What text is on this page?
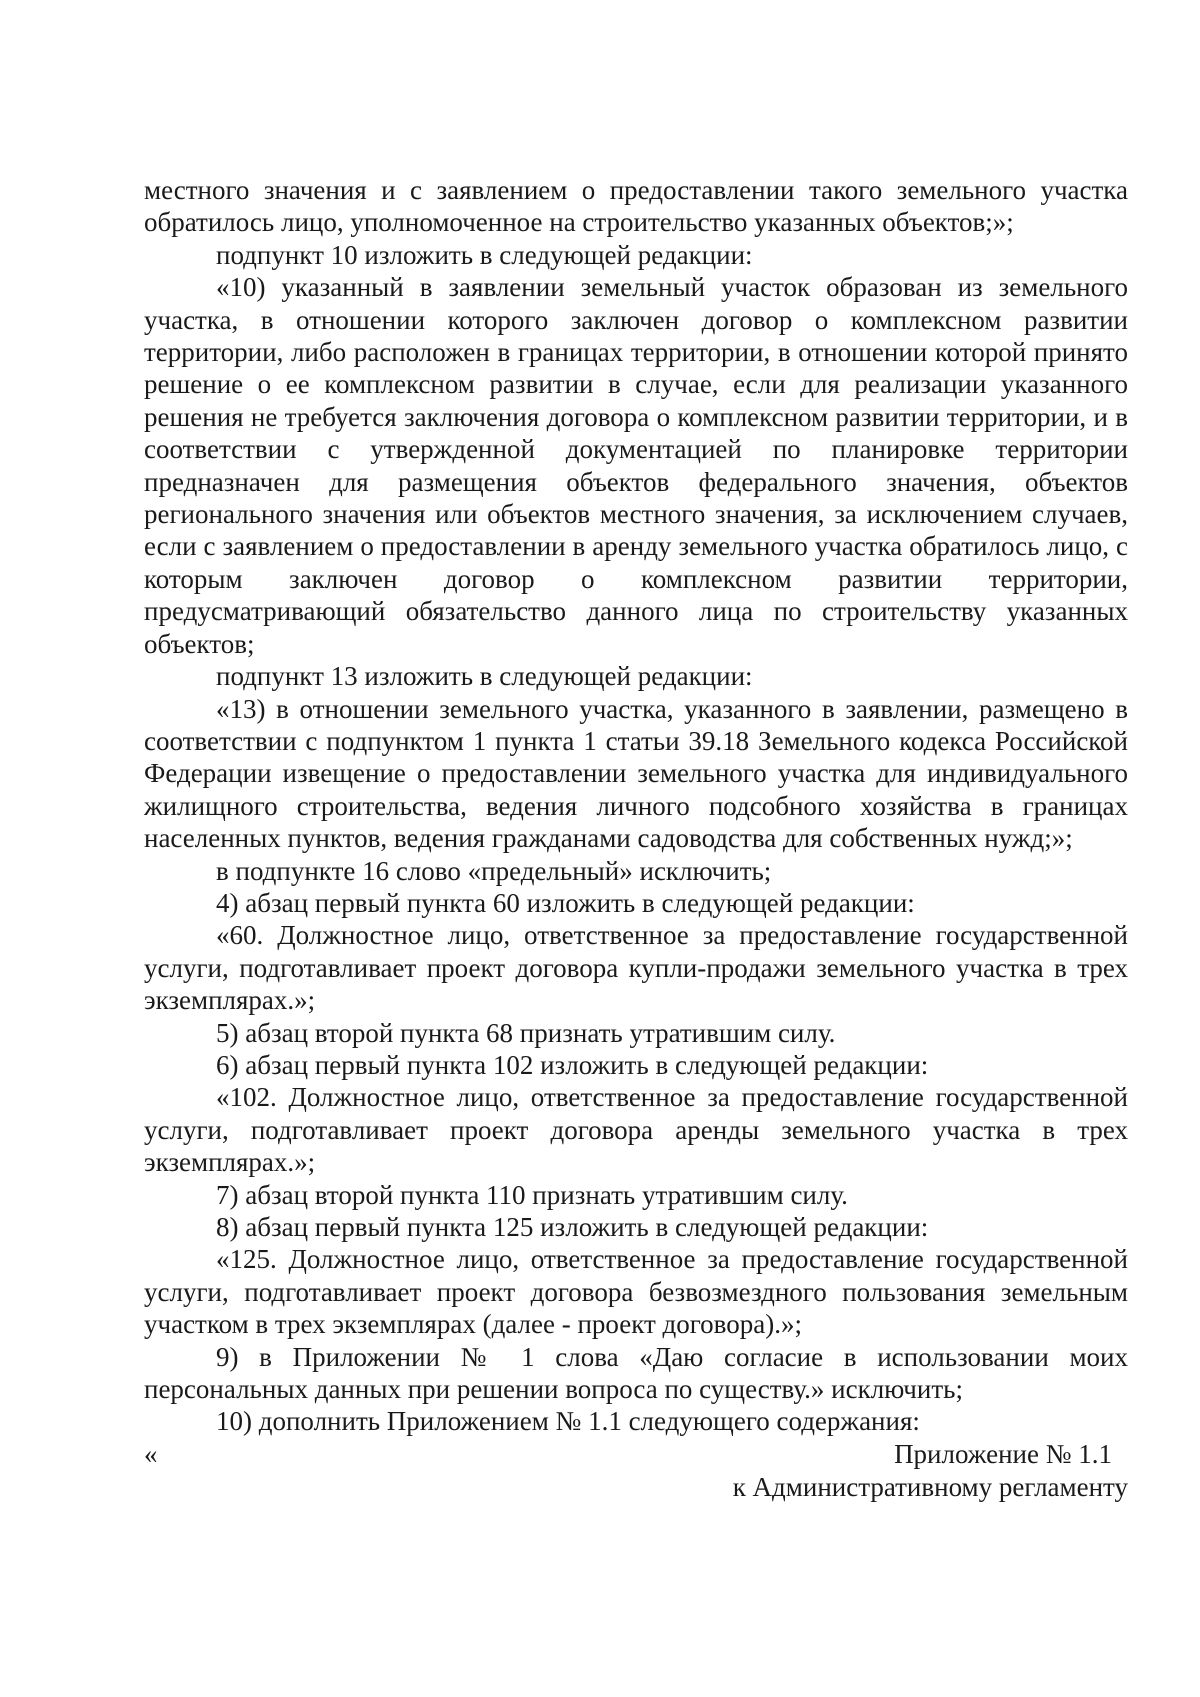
местного значения и с заявлением о предоставлении такого земельного участка обратилось лицо, уполномоченное на строительство указанных объектов;»;

подпункт 10 изложить в следующей редакции:

«10) указанный в заявлении земельный участок образован из земельного участка, в отношении которого заключен договор о комплексном развитии территории, либо расположен в границах территории, в отношении которой принято решение о ее комплексном развитии в случае, если для реализации указанного решения не требуется заключения договора о комплексном развитии территории, и в соответствии с утвержденной документацией по планировке территории предназначен для размещения объектов федерального значения, объектов регионального значения или объектов местного значения, за исключением случаев, если с заявлением о предоставлении в аренду земельного участка обратилось лицо, с которым заключен договор о комплексном развитии территории, предусматривающий обязательство данного лица по строительству указанных объектов;

подпункт 13 изложить в следующей редакции:

«13) в отношении земельного участка, указанного в заявлении, размещено в соответствии с подпунктом 1 пункта 1 статьи 39.18 Земельного кодекса Российской Федерации извещение о предоставлении земельного участка для индивидуального жилищного строительства, ведения личного подсобного хозяйства в границах населенных пунктов, ведения гражданами садоводства для собственных нужд;»;

в подпункте 16 слово «предельный» исключить;

4) абзац первый пункта 60 изложить в следующей редакции:

«60. Должностное лицо, ответственное за предоставление государственной услуги, подготавливает проект договора купли-продажи земельного участка в трех экземплярах.»;

5) абзац второй пункта 68 признать утратившим силу.

6) абзац первый пункта 102 изложить в следующей редакции:

«102. Должностное лицо, ответственное за предоставление государственной услуги, подготавливает проект договора аренды земельного участка в трех экземплярах.»;

7) абзац второй пункта 110 признать утратившим силу.

8) абзац первый пункта 125 изложить в следующей редакции:

«125. Должностное лицо, ответственное за предоставление государственной услуги, подготавливает проект договора безвозмездного пользования земельным участком в трех экземплярах (далее - проект договора).»;

9) в Приложении № 1 слова «Даю согласие в использовании моих персональных данных при решении вопроса по существу.» исключить;

10) дополнить Приложением № 1.1 следующего содержания:

«	Приложение № 1.1
к Административному регламенту
